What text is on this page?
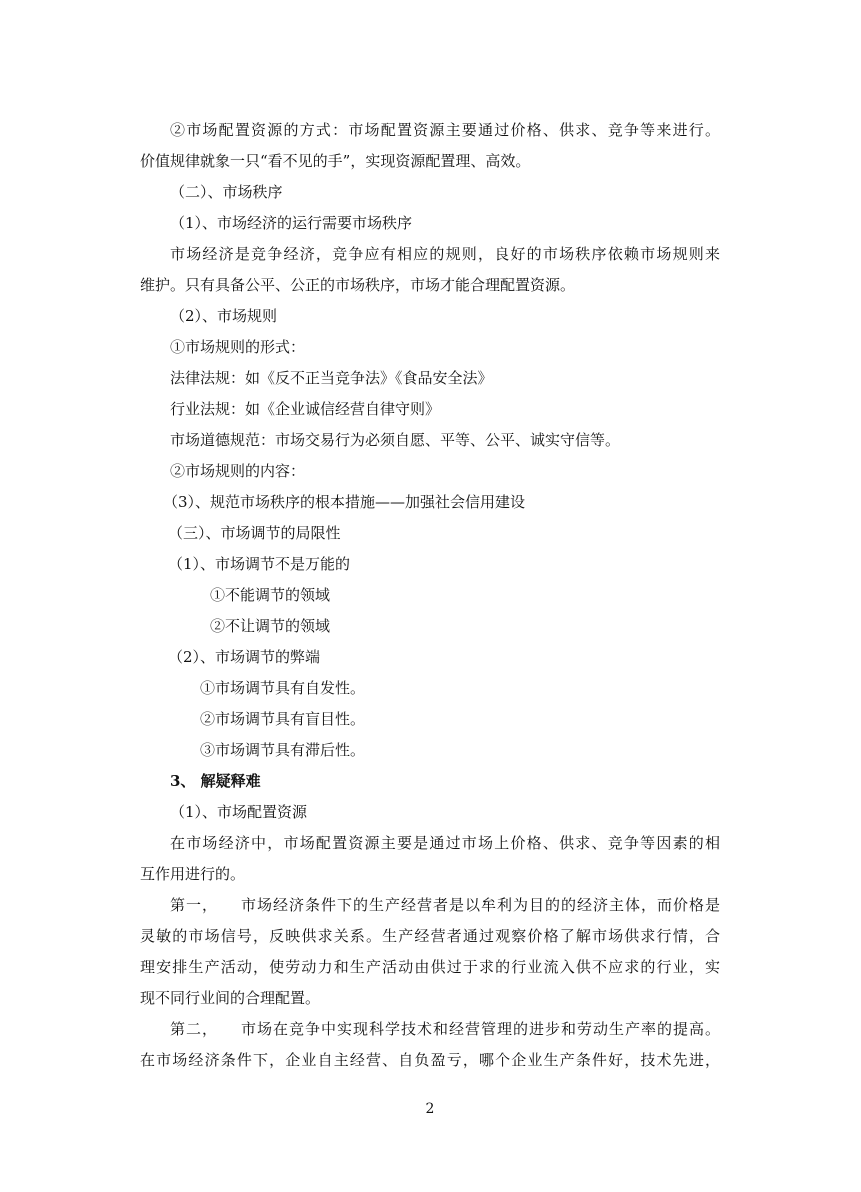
②市场配置资源的方式：市场配置资源主要通过价格、供求、竞争等来进行。
价值规律就象一只“看不见的手”，实现资源配置理、高效。
（二）、市场秩序
（1）、市场经济的运行需要市场秩序
市场经济是竞争经济，竞争应有相应的规则，良好的市场秩序依赖市场规则来
维护。只有具备公平、公正的市场秩序，市场才能合理配置资源。
（2）、市场规则
①市场规则的形式：
法律法规：如《反不正当竞争法》《食品安全法》
行业法规：如《企业诚信经营自律守则》
市场道德规范：市场交易行为必须自愿、平等、公平、诚实守信等。
②市场规则的内容：
（3）、规范市场秩序的根本措施——加强社会信用建设
（三）、市场调节的局限性
（1）、市场调节不是万能的
①不能调节的领域
②不让调节的领域
（2）、市场调节的弊端
①市场调节具有自发性。
②市场调节具有盲目性。
③市场调节具有滞后性。
3、 解疑释难
（1）、市场配置资源
在市场经济中，市场配置资源主要是通过市场上价格、供求、竞争等因素的相
互作用进行的。
第一，    市场经济条件下的生产经营者是以牟利为目的的经济主体，而价格是
灵敏的市场信号，反映供求关系。生产经营者通过观察价格了解市场供求行情，合
理安排生产活动，使劳动力和生产活动由供过于求的行业流入供不应求的行业，实
现不同行业间的合理配置。
第二，    市场在竞争中实现科学技术和经营管理的进步和劳动生产率的提高。
在市场经济条件下，企业自主经营、自负盈亏，哪个企业生产条件好，技术先进，
2
